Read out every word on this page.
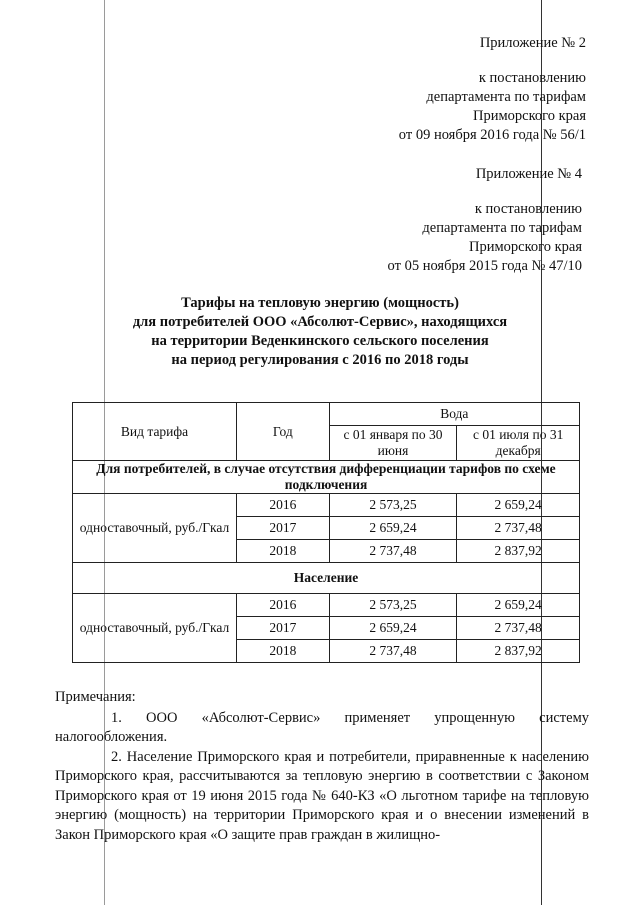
Приложение № 2
к постановлению
департамента по тарифам
Приморского края
от 09 ноября 2016 года № 56/1
Приложение № 4
к постановлению
департамента по тарифам
Приморского края
от 05 ноября 2015 года № 47/10
Тарифы на тепловую энергию (мощность)
для потребителей ООО «Абсолют-Сервис», находящихся
на территории Веденкинского сельского поселения
на период регулирования с 2016 по 2018 годы
Вид тарифа	Год	Вода	
		с 01 января по 30 июня	с 01 июля по 31 декабря
Для потребителей, в случае отсутствия дифференциации тарифов по схеме подключения			
одноставочный, руб./Гкал	2016	2 573,25	2 659,24
	2017	2 659,24	2 737,48
	2018	2 737,48	2 837,92
Население			
одноставочный, руб./Гкал	2016	2 573,25	2 659,24
	2017	2 659,24	2 737,48
	2018	2 737,48	2 837,92

Примечания:

1. ООО «Абсолют-Сервис» применяет упрощенную систему

налогообложения.

2. Население Приморского края и потребители, приравненные к населению Приморского края, рассчитываются за тепловую энергию в соответствии с Законом Приморского края от 19 июня 2015 года № 640-КЗ «О льготном тарифе на тепловую энергию (мощность) на территории Приморского края и о внесении изменений в Закон Приморского края «О защите прав граждан в жилищно-
